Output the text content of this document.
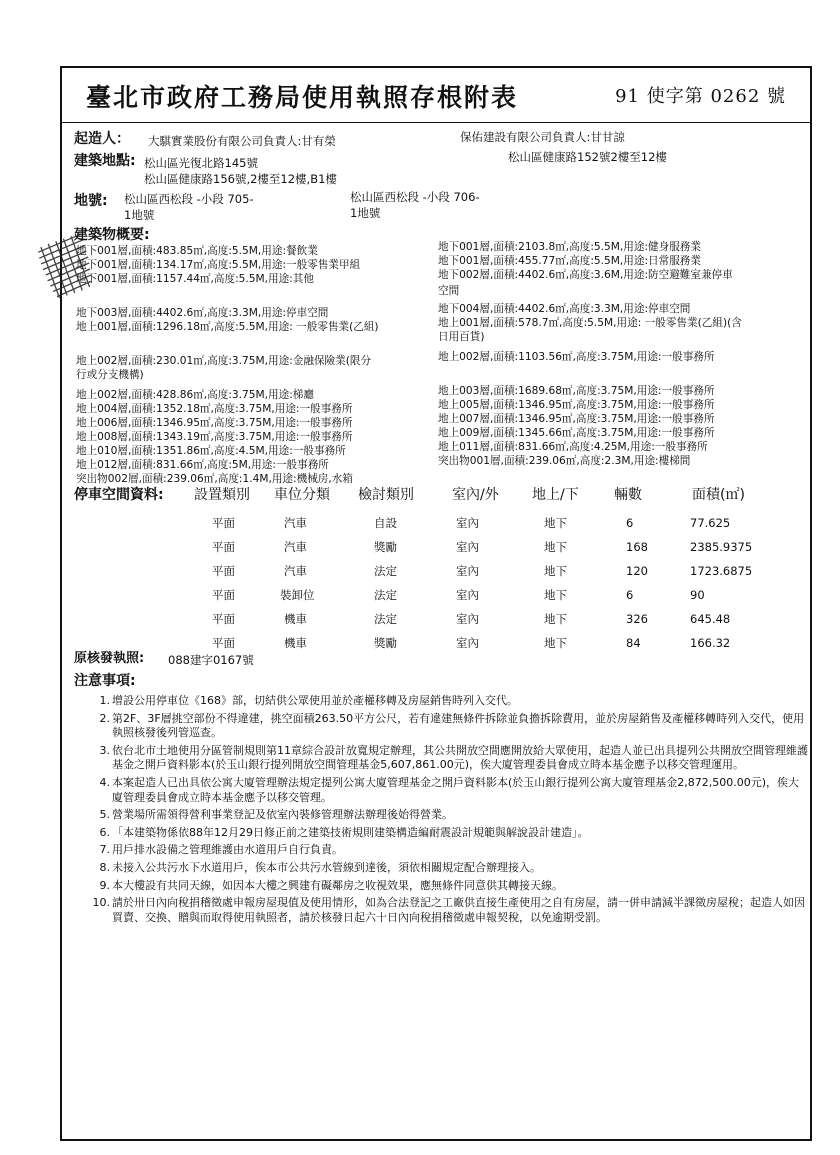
臺北市政府工務局使用執照存根附表	91 使字第 0262 號
起造人： 大騏實業股份有限公司負責人:甘有榮	保佑建設有限公司負責人:甘甘諒
建築地點: 松山區光復北路145號
松山區健康路156號,2樓至12樓,B1樓
松山區健康路152號2樓至12樓
地號: 松山區西松段 -小段 705-
1地號
松山區西松段 -小段 706-
1地號
建築物概要:
地下001層,面積:483.85㎡,高度:5.5M,用途:餐飲業
地下001層,面積:134.17㎡,高度:5.5M,用途:一般零售業甲組
地下001層,面積:1157.44㎡,高度:5.5M,用途:其他
地下003層,面積:4402.6㎡,高度:3.3M,用途:停車空間
地上001層,面積:1296.18㎡,高度:5.5M,用途: 一般零售業(乙組)
地上002層,面積:230.01㎡,高度:3.75M,用途:金融保險業(限分
行或分支機構)
地上002層,面積:428.86㎡,高度:3.75M,用途:梯廳
地上004層,面積:1352.18㎡,高度:3.75M,用途:一般事務所
地上006層,面積:1346.95㎡,高度:3.75M,用途:一般事務所
地上008層,面積:1343.19㎡,高度:3.75M,用途:一般事務所
地上010層,面積:1351.86㎡,高度:4.5M,用途:一般事務所
地上012層,面積:831.66㎡,高度:5M,用途:一般事務所
突出物002層,面積:239.06㎡,高度:1.4M,用途:機械房,水箱
地下001層,面積:2103.8㎡,高度:5.5M,用途:健身服務業
地下001層,面積:455.77㎡,高度:5.5M,用途:日常服務業
地下002層,面積:4402.6㎡,高度:3.6M,用途:防空避難室兼停車
空間
地下004層,面積:4402.6㎡,高度:3.3M,用途:停車空間
地上001層,面積:578.7㎡,高度:5.5M,用途: 一般零售業(乙組)(含
日用百貨)
地上002層,面積:1103.56㎡,高度:3.75M,用途:一般事務所
地上003層,面積:1689.68㎡,高度:3.75M,用途:一般事務所
地上005層,面積:1346.95㎡,高度:3.75M,用途:一般事務所
地上007層,面積:1346.95㎡,高度:3.75M,用途:一般事務所
地上009層,面積:1345.66㎡,高度:3.75M,用途:一般事務所
地上011層,面積:831.66㎡,高度:4.25M,用途:一般事務所
突出物001層,面積:239.06㎡,高度:2.3M,用途:樓梯間
停車空間資料: 設置類別 車位分類 檢討類別	室內/外 地上/下	輛數	面積(㎡)
平面	汽車	自設	室內	地下	6	77.625
平面	汽車	獎勵	室內	地下	168	2385.9375
平面	汽車	法定	室內	地下	120	1723.6875
平面	裝卸位	法定	室內	地下	6	90
平面	機車	法定	室內	地下	326	645.48
平面	機車	獎勵	室內	地下	84	166.32
原核發執照: 088建字0167號
注意事項:
1. 增設公用停車位《168》部，切結供公眾使用並於產權移轉及房屋銷售時列入交代。
2. 第2F、3F層挑空部份不得違建，挑空面積263.50平方公尺，若有違建無條件拆除並負擔拆除費用，並於房屋銷售及產權移轉時列入交代，使用執照核發後列管巡查。
3. 依台北市土地使用分區管制規則第11章綜合設計放寬規定辦理，其公共開放空間應開放給大眾使用，起造人並已出具提列公共開放空間管理維護基金之開戶資料影本(於玉山銀行提列開放空間管理基金5,607,861.00元)，俟大廈管理委員會成立時本基金應予以移交管理運用。
4. 本案起造人已出具依公寓大廈管理辦法規定提列公寓大廈管理基金之開戶資料影本(於玉山銀行提列公寓大廈管理基金2,872,500.00元)，俟大廈管理委員會成立時本基金應予以移交管理。
5. 營業場所需領得營利事業登記及依室內裝修管理辦法辦理後始得營業。
6. 「本建築物係依88年12月29日修正前之建築技術規則建築構造編耐震設計規範與解說設計建造」。
7. 用戶排水設備之管理維護由水道用戶自行負責。
8. 未接入公共污水下水道用戶，俟本市公共污水管線到達後，須依相關規定配合辦理接入。
9. 本大樓設有共同天線，如因本大樓之興建有礙鄰房之收視效果，應無條件同意供其轉接天線。
10. 請於卅日內向稅捐稽徵處申報房屋現值及使用情形，如為合法登記之工廠供直接生產使用之自有房屋，請一併申請減半課徵房屋稅；起造人如因買賣、交換、贈與而取得使用執照者，請於核發日起六十日內向稅捐稽徵處申報契稅，以免逾期受罰。
